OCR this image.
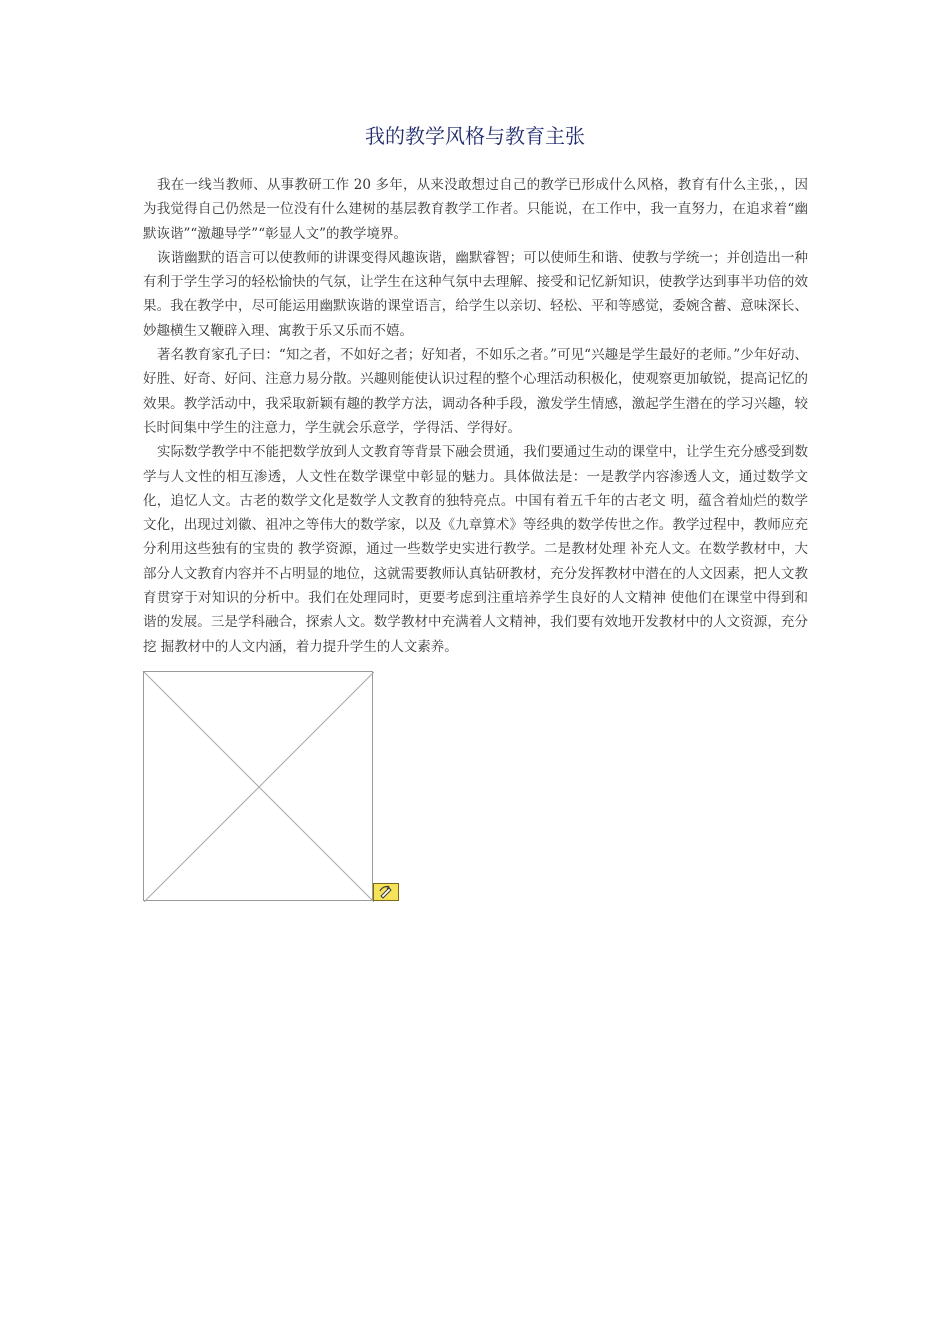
我的教学风格与教育主张

我在一线当教师、从事教研工作 20 多年，从来没敢想过自己的教学已形成什么风格，教育有什么主张，，因为我觉得自己仍然是一位没有什么建树的基层教育教学工作者。只能说，在工作中，我一直努力，在追求着“幽默诙谐”“激趣导学”“彰显人文”的教学境界。

诙谐幽默的语言可以使教师的讲课变得风趣诙谐，幽默睿智；可以使师生和谐、使教与学统一；并创造出一种有利于学生学习的轻松愉快的气氛，让学生在这种气氛中去理解、接受和记忆新知识，使教学达到事半功倍的效果。我在教学中，尽可能运用幽默诙谐的课堂语言，给学生以亲切、轻松、平和等感觉，委婉含蓄、意味深长、妙趣横生又鞭辟入理、寓教于乐又乐而不嬉。

著名教育家孔子曰：“知之者，不如好之者；好知者，不如乐之者。”可见“兴趣是学生最好的老师。”少年好动、好胜、好奇、好问、注意力易分散。兴趣则能使认识过程的整个心理活动积极化，使观察更加敏锐，提高记忆的效果。教学活动中，我采取新颖有趣的教学方法，调动各种手段，激发学生情感，激起学生潜在的学习兴趣，较长时间集中学生的注意力，学生就会乐意学，学得活、学得好。

实际数学教学中不能把数学放到人文教育等背景下融会贯通，我们要通过生动的课堂中，让学生充分感受到数学与人文性的相互渗透，人文性在数学课堂中彰显的魅力。具体做法是：一是教学内容渗透人文，通过数学文化，追忆人文。古老的数学文化是数学人文教育的独特亮点。中国有着五千年的古老文 明，蕴含着灿烂的数学文化，出现过刘徽、祖冲之等伟大的数学家，以及《九章算术》等经典的数学传世之作。教学过程中，教师应充分利用这些独有的宝贵的 教学资源，通过一些数学史实进行教学。二是教材处理 补充人文。在数学教材中，大部分人文教育内容并不占明显的地位，这就需要教师认真钻研教材，充分发挥教材中潜在的人文因素，把人文教育贯穿于对知识的分析中。我们在处理同时，更要考虑到注重培养学生良好的人文精神 使他们在课堂中得到和谐的发展。三是学科融合，探索人文。数学教材中充满着人文精神，我们要有效地开发教材中的人文资源，充分挖 掘教材中的人文内涵，着力提升学生的人文素养。
